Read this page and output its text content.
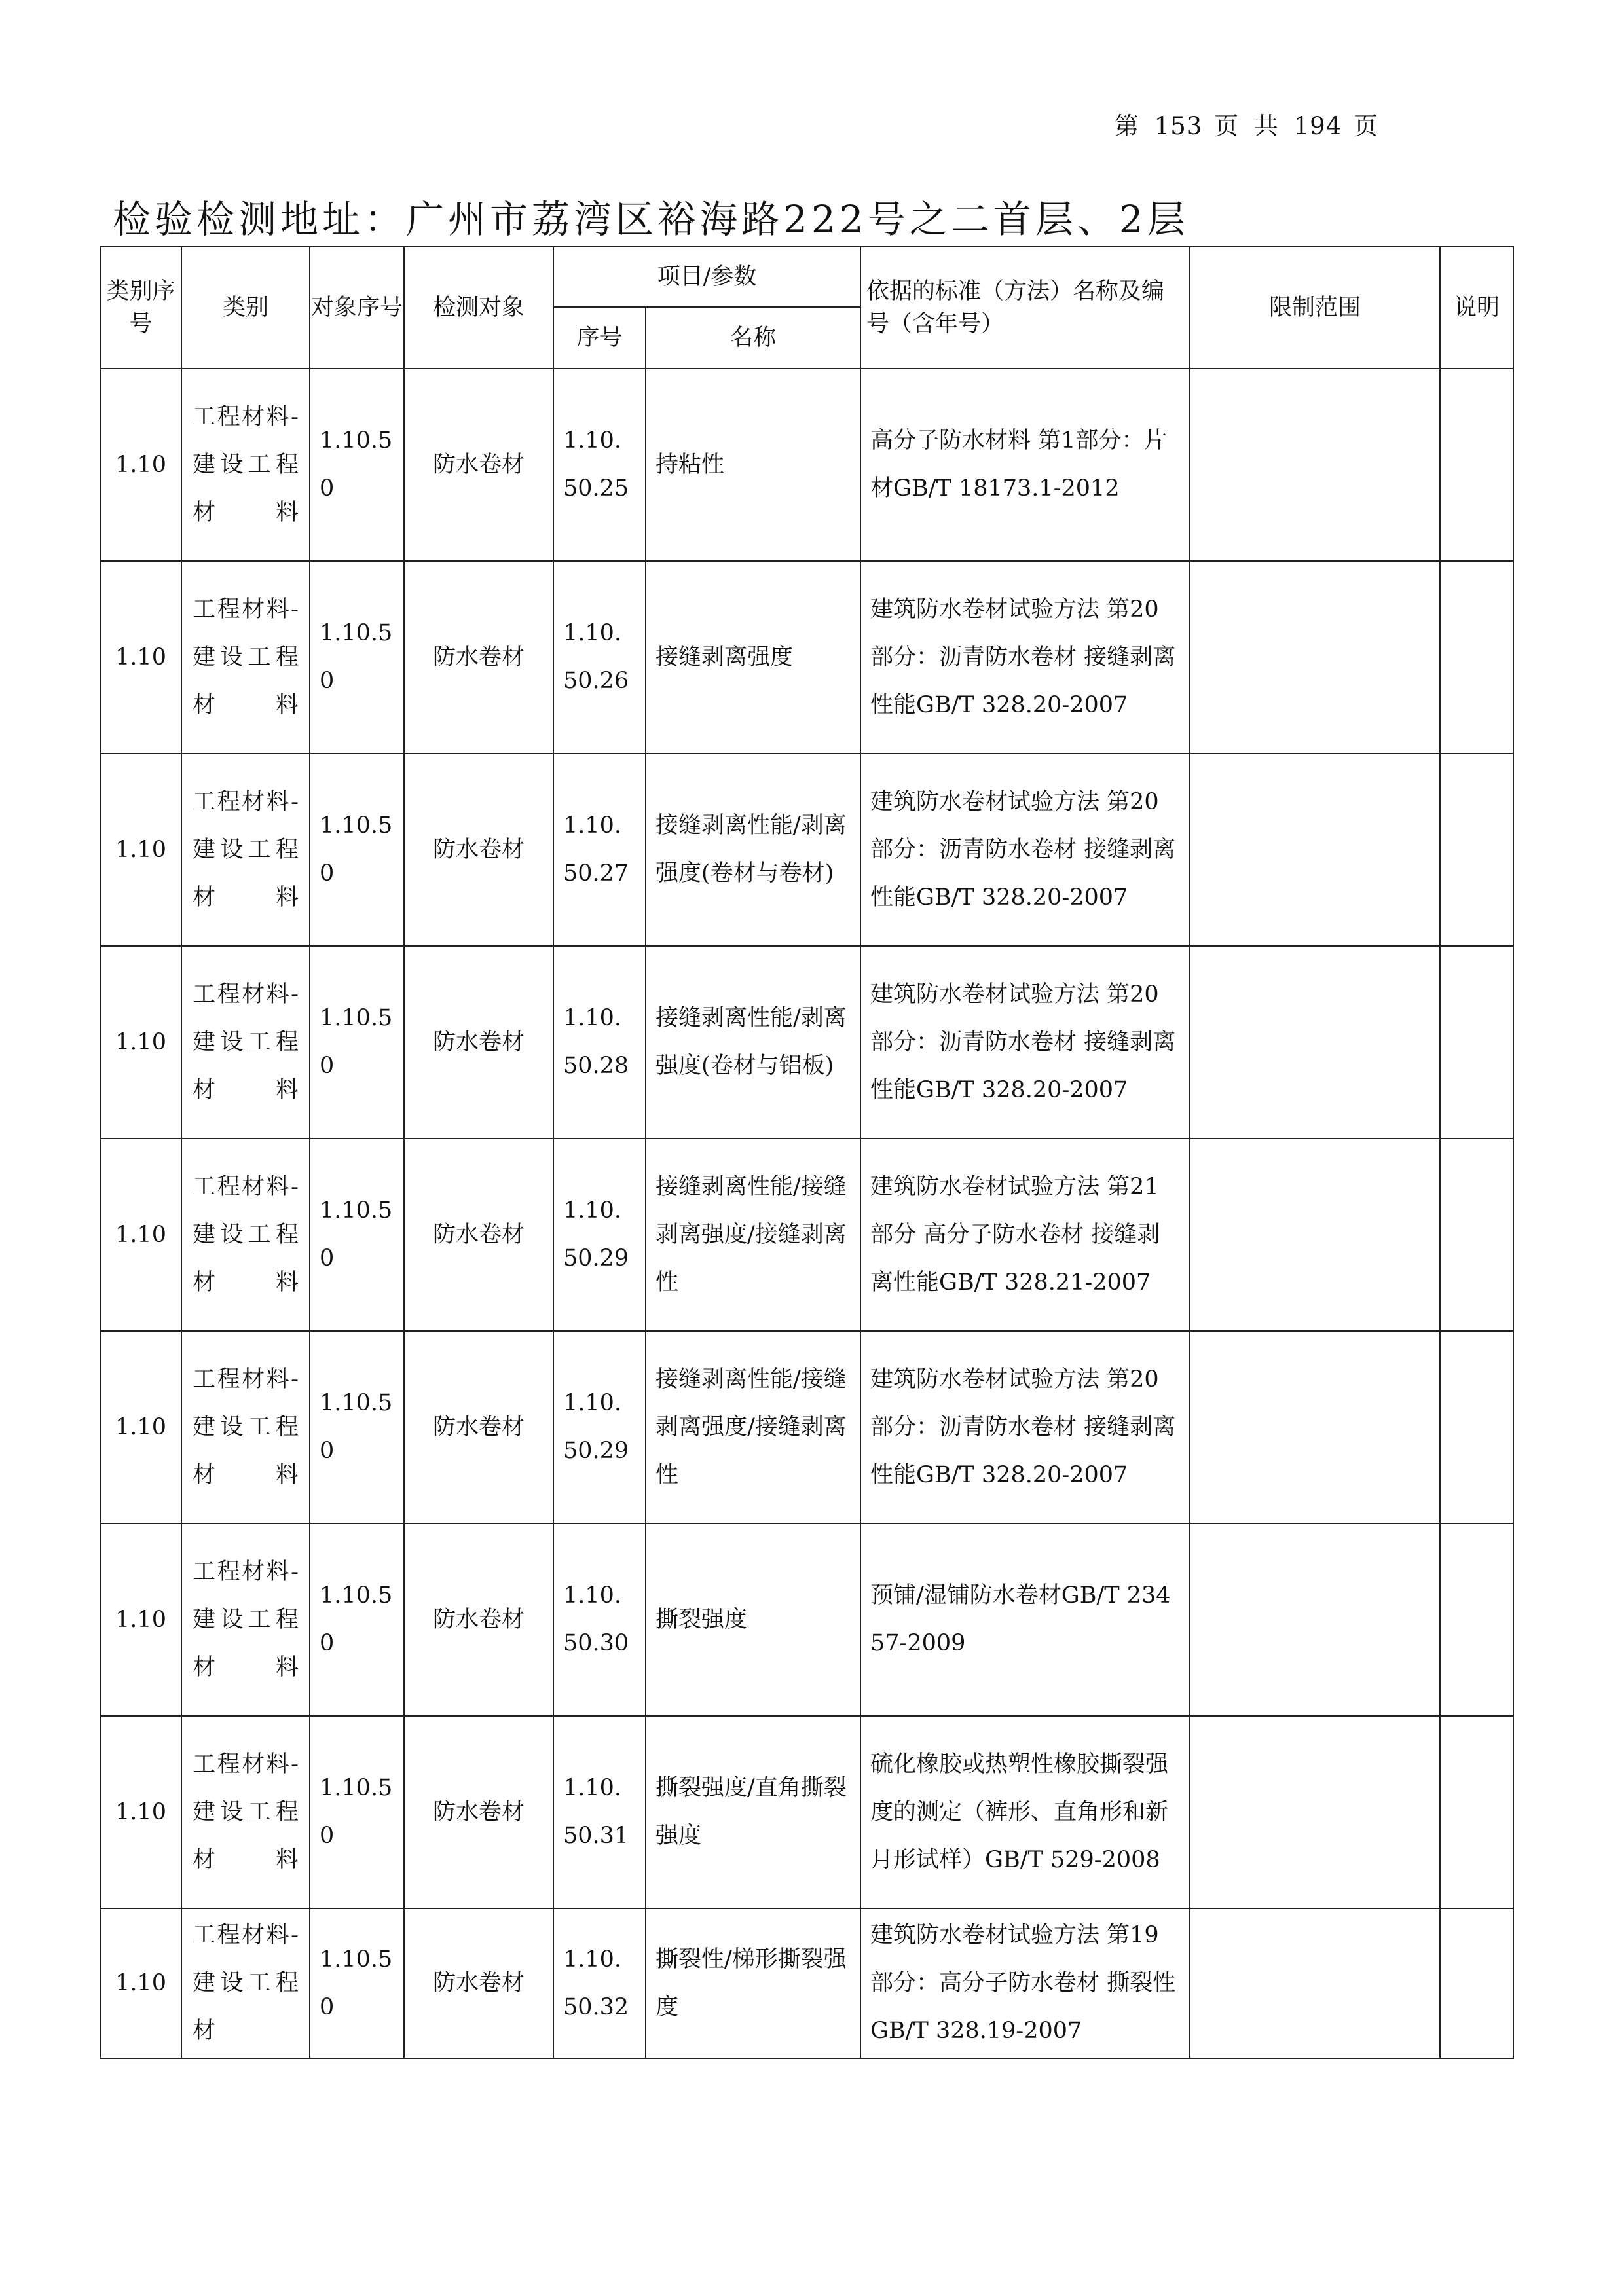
第 153 页 共 194 页
检验检测地址：广州市荔湾区裕海路222号之二首层、2层
类别序号	类别	对象序号	检测对象	项目/参数		依据的标准（方法）名称及编号（含年号）	限制范围	说明
				序号	名称			
1.10	工程材料-建设工程材料	1.10.50	防水卷材	1.10.50.25	持粘性	高分子防水材料 第1部分：片材GB/T 18173.1-2012		
1.10	工程材料-建设工程材料	1.10.50	防水卷材	1.10.50.26	接缝剥离强度	建筑防水卷材试验方法 第20部分：沥青防水卷材 接缝剥离性能GB/T 328.20-2007		
1.10	工程材料-建设工程材料	1.10.50	防水卷材	1.10.50.27	接缝剥离性能/剥离强度(卷材与卷材)	建筑防水卷材试验方法 第20部分：沥青防水卷材 接缝剥离性能GB/T 328.20-2007		
1.10	工程材料-建设工程材料	1.10.50	防水卷材	1.10.50.28	接缝剥离性能/剥离强度(卷材与铝板)	建筑防水卷材试验方法 第20部分：沥青防水卷材 接缝剥离性能GB/T 328.20-2007		
1.10	工程材料-建设工程材料	1.10.50	防水卷材	1.10.50.29	接缝剥离性能/接缝剥离强度/接缝剥离性	建筑防水卷材试验方法 第21部分 高分子防水卷材 接缝剥离性能GB/T 328.21-2007		
1.10	工程材料-建设工程材料	1.10.50	防水卷材	1.10.50.29	接缝剥离性能/接缝剥离强度/接缝剥离性	建筑防水卷材试验方法 第20部分：沥青防水卷材 接缝剥离性能GB/T 328.20-2007		
1.10	工程材料-建设工程材料	1.10.50	防水卷材	1.10.50.30	撕裂强度	预铺/湿铺防水卷材GB/T 23457-2009		
1.10	工程材料-建设工程材料	1.10.50	防水卷材	1.10.50.31	撕裂强度/直角撕裂强度	硫化橡胶或热塑性橡胶撕裂强度的测定（裤形、直角形和新月形试样）GB/T 529-2008		
1.10	工程材料-建设工程材	1.10.50	防水卷材	1.10.50.32	撕裂性/梯形撕裂强度	建筑防水卷材试验方法 第19部分：高分子防水卷材 撕裂性GB/T 328.19-2007		
